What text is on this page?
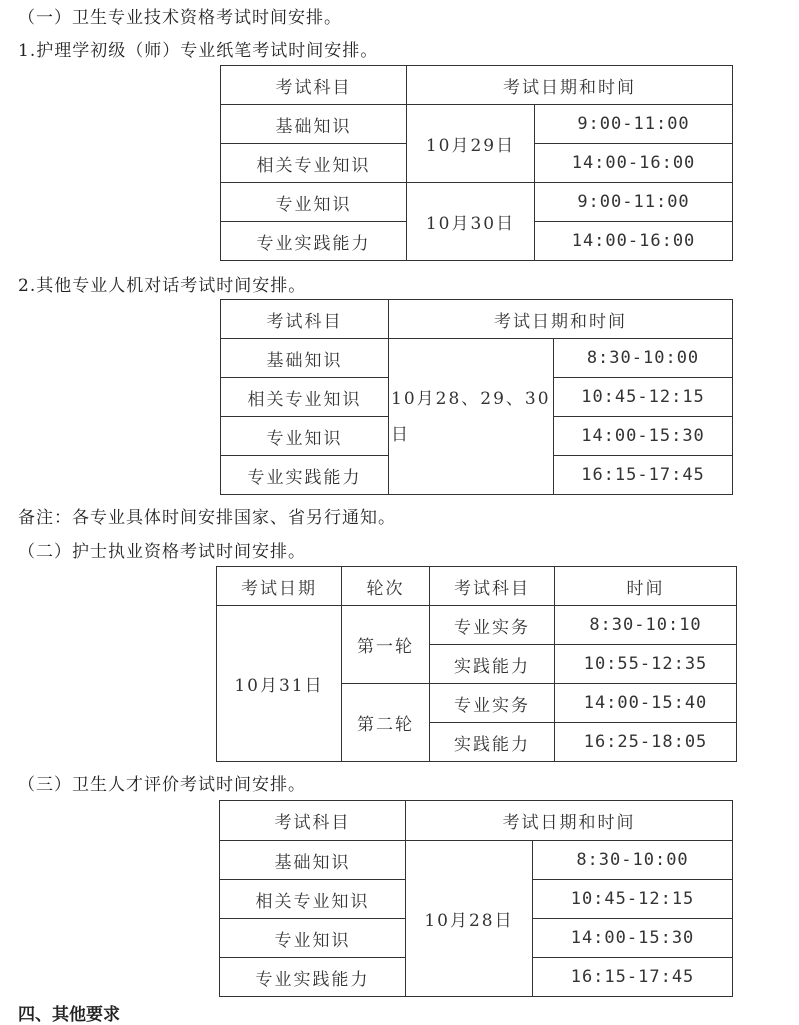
（一）卫生专业技术资格考试时间安排。
1.护理学初级（师）专业纸笔考试时间安排。
考试科目	考试日期和时间	
基础知识	10月29日	9:00-11:00
相关专业知识		14:00-16:00
专业知识	10月30日	9:00-11:00
专业实践能力		14:00-16:00
2.其他专业人机对话考试时间安排。
考试科目	考试日期和时间	
基础知识	10月28、29、30日	8:30-10:00
相关专业知识		10:45-12:15
专业知识		14:00-15:30
专业实践能力		16:15-17:45
备注：各专业具体时间安排国家、省另行通知。
（二）护士执业资格考试时间安排。
考试日期	轮次	考试科目	时间
10月31日	第一轮	专业实务	8:30-10:10
		实践能力	10:55-12:35
	第二轮	专业实务	14:00-15:40
		实践能力	16:25-18:05
（三）卫生人才评价考试时间安排。
考试科目	考试日期和时间	
基础知识	10月28日	8:30-10:00
相关专业知识		10:45-12:15
专业知识		14:00-15:30
专业实践能力		16:15-17:45
四、其他要求
